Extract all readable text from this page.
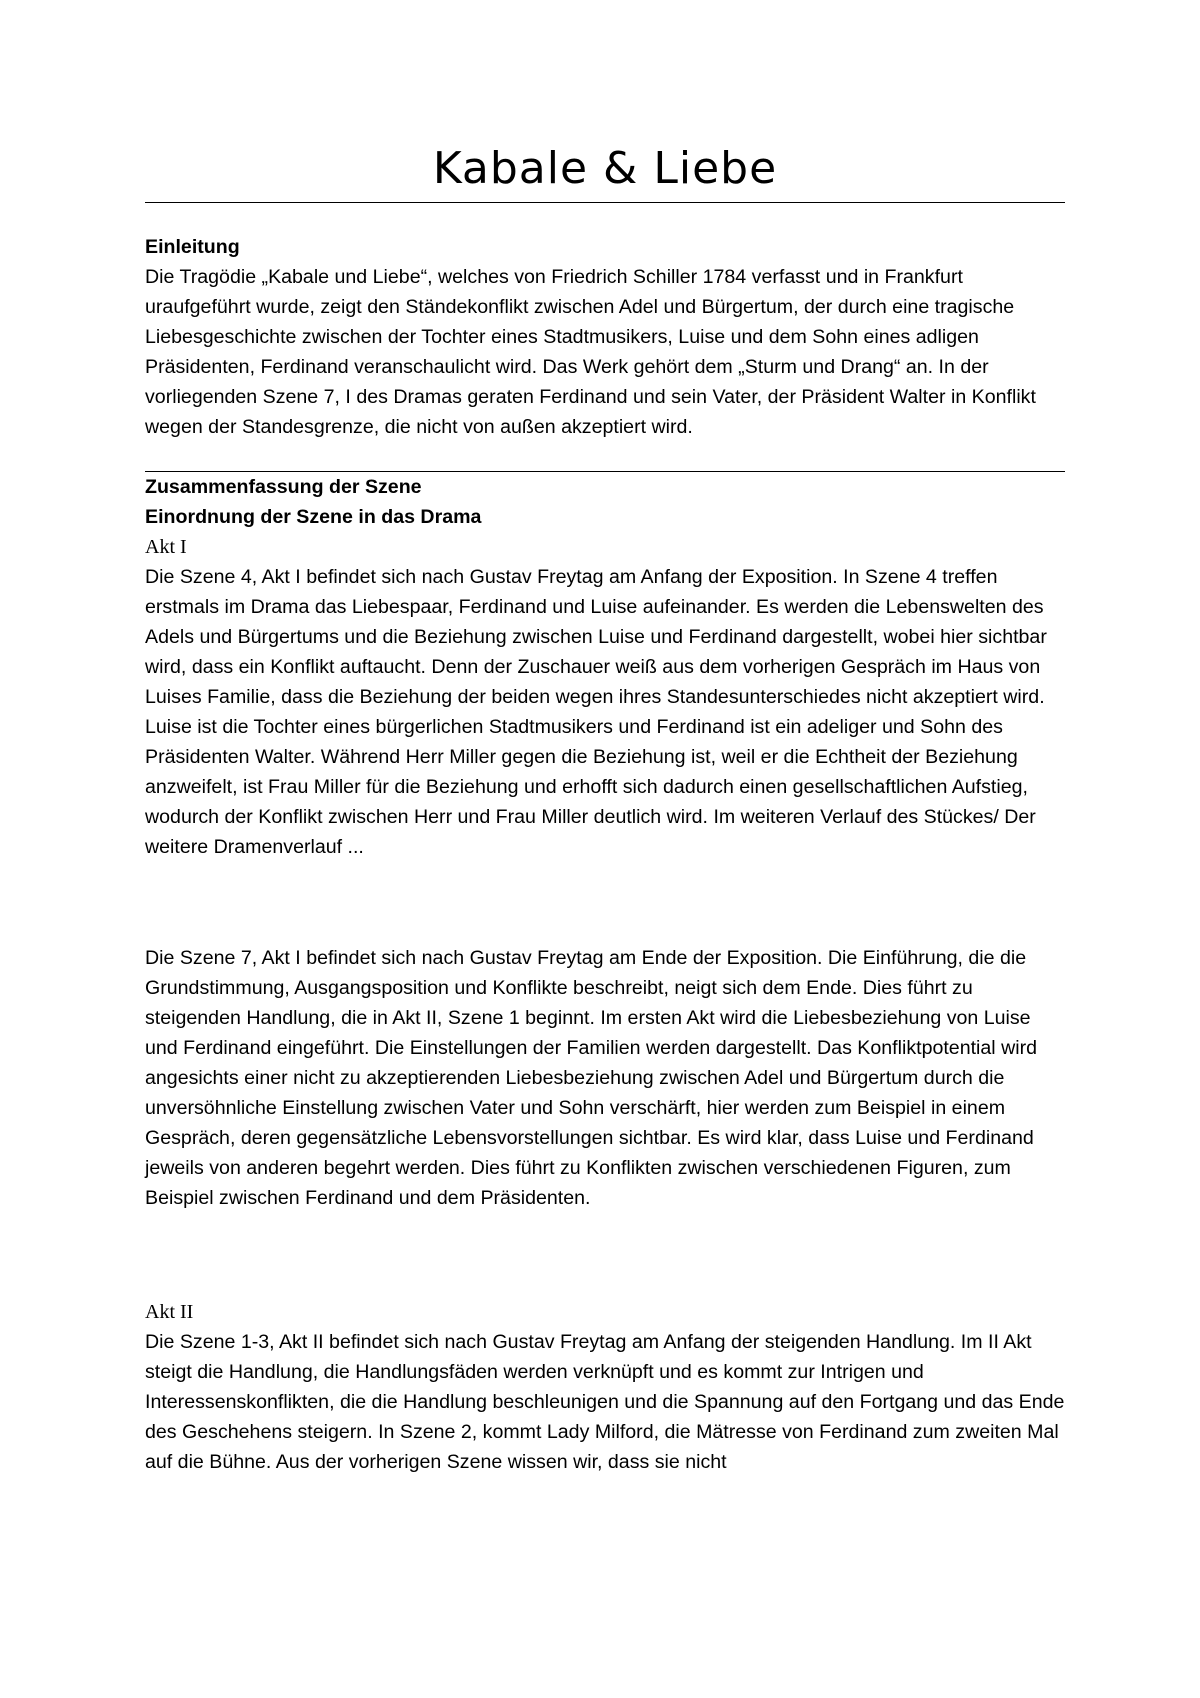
Kabale & Liebe
Einleitung
Die Tragödie „Kabale und Liebe“, welches von Friedrich Schiller 1784 verfasst und in Frankfurt uraufgeführt wurde, zeigt den Ständekonflikt zwischen Adel und Bürgertum, der durch eine tragische Liebesgeschichte zwischen der Tochter eines Stadtmusikers, Luise und dem Sohn eines adligen Präsidenten, Ferdinand veranschaulicht wird. Das Werk gehört dem „Sturm und Drang“ an. In der vorliegenden Szene 7, I des Dramas geraten Ferdinand und sein Vater, der Präsident Walter in Konflikt wegen der Standesgrenze, die nicht von außen akzeptiert wird.
Zusammenfassung der Szene
Einordnung der Szene in das Drama
Akt I
Die Szene 4, Akt I befindet sich nach Gustav Freytag am Anfang der Exposition. In Szene 4 treffen erstmals im Drama das Liebespaar, Ferdinand und Luise aufeinander. Es werden die Lebenswelten des Adels und Bürgertums und die Beziehung zwischen Luise und Ferdinand dargestellt, wobei hier sichtbar wird, dass ein Konflikt auftaucht. Denn der Zuschauer weiß aus dem vorherigen Gespräch im Haus von Luises Familie, dass die Beziehung der beiden wegen ihres Standesunterschiedes nicht akzeptiert wird. Luise ist die Tochter eines bürgerlichen Stadtmusikers und Ferdinand ist ein adeliger und Sohn des Präsidenten Walter. Während Herr Miller gegen die Beziehung ist, weil er die Echtheit der Beziehung anzweifelt, ist Frau Miller für die Beziehung und erhofft sich dadurch einen gesellschaftlichen Aufstieg, wodurch der Konflikt zwischen Herr und Frau Miller deutlich wird. Im weiteren Verlauf des Stückes/ Der weitere Dramenverlauf ...
Die Szene 7, Akt I befindet sich nach Gustav Freytag am Ende der Exposition. Die Einführung, die die Grundstimmung, Ausgangsposition und Konflikte beschreibt, neigt sich dem Ende. Dies führt zu steigenden Handlung, die in Akt II, Szene 1 beginnt. Im ersten Akt wird die Liebesbeziehung von Luise und Ferdinand eingeführt. Die Einstellungen der Familien werden dargestellt. Das Konfliktpotential wird angesichts einer nicht zu akzeptierenden Liebesbeziehung zwischen Adel und Bürgertum durch die unversöhnliche Einstellung zwischen Vater und Sohn verschärft, hier werden zum Beispiel in einem Gespräch, deren gegensätzliche Lebensvorstellungen sichtbar. Es wird klar, dass Luise und Ferdinand jeweils von anderen begehrt werden. Dies führt zu Konflikten zwischen verschiedenen Figuren, zum Beispiel zwischen Ferdinand und dem Präsidenten.
Akt II
Die Szene 1-3, Akt II befindet sich nach Gustav Freytag am Anfang der steigenden Handlung. Im II Akt steigt die Handlung, die Handlungsfäden werden verknüpft und es kommt zur Intrigen und Interessenskonflikten, die die Handlung beschleunigen und die Spannung auf den Fortgang und das Ende des Geschehens steigern. In Szene 2, kommt Lady Milford, die Mätresse von Ferdinand zum zweiten Mal auf die Bühne. Aus der vorherigen Szene wissen wir, dass sie nicht
